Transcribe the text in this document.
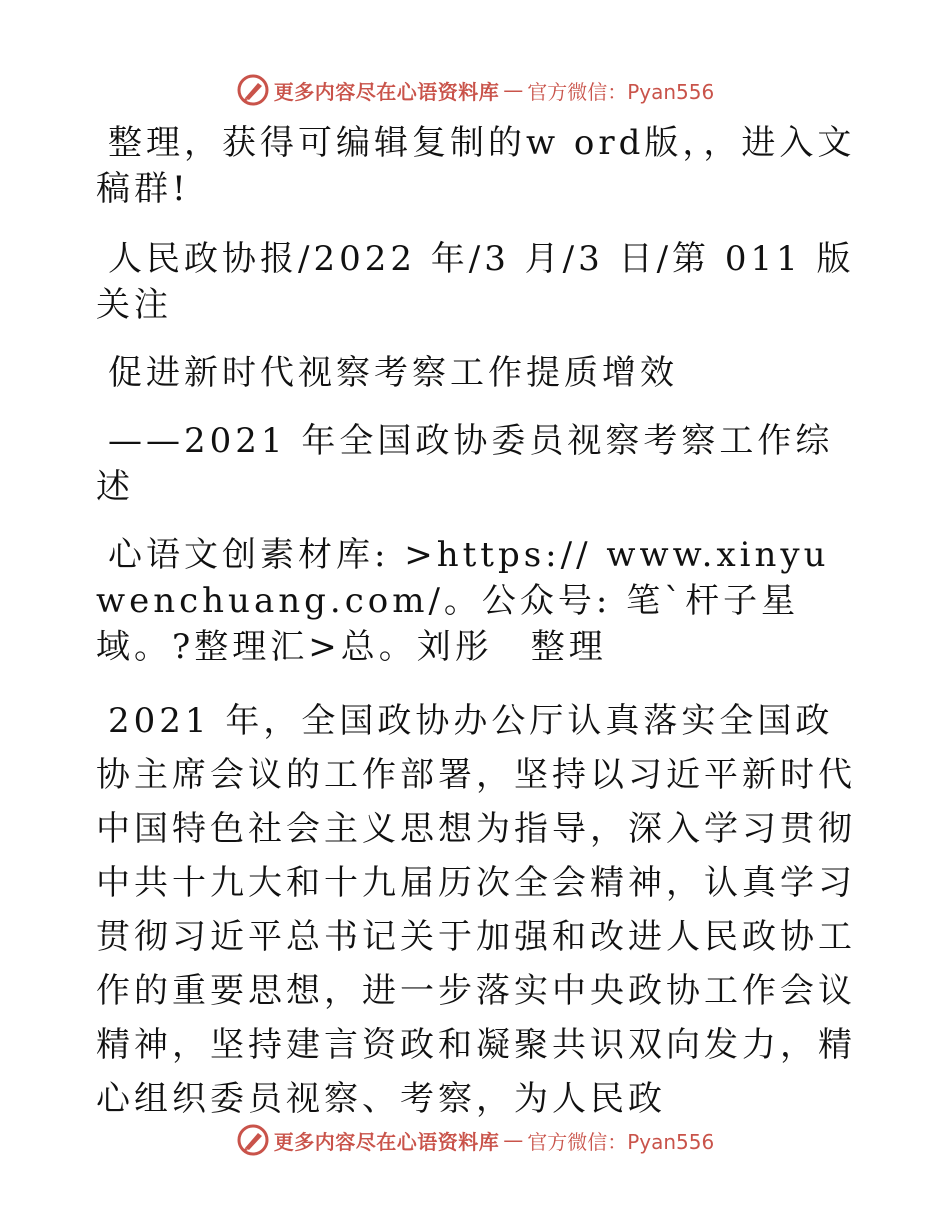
更多内容尽在心语资料库 — 官方微信：Pyan556

整理，获得可编辑复制的w ord版，，进入文稿群!

人民政协报/2022 年/3 月/3 日/第 011 版关注

促进新时代视察考察工作提质增效

——2021 年全国政协委员视察考察工作综述

心语文创素材库: >https:// www.xinyuwenchuang.com/。公众号: 笔`杆子星域。?整理汇>总。刘彤　整理

2021 年，全国政协办公厅认真落实全国政协主席会议的工作部署，坚持以习近平新时代中国特色社会主义思想为指导，深入学习贯彻中共十九大和十九届历次全会精神，认真学习贯彻习近平总书记关于加强和改进人民政协工作的重要思想，进一步落实中央政协工作会议精神，坚持建言资政和凝聚共识双向发力，精心组织委员视察、考察，为人民政

更多内容尽在心语资料库 — 官方微信：Pyan556
